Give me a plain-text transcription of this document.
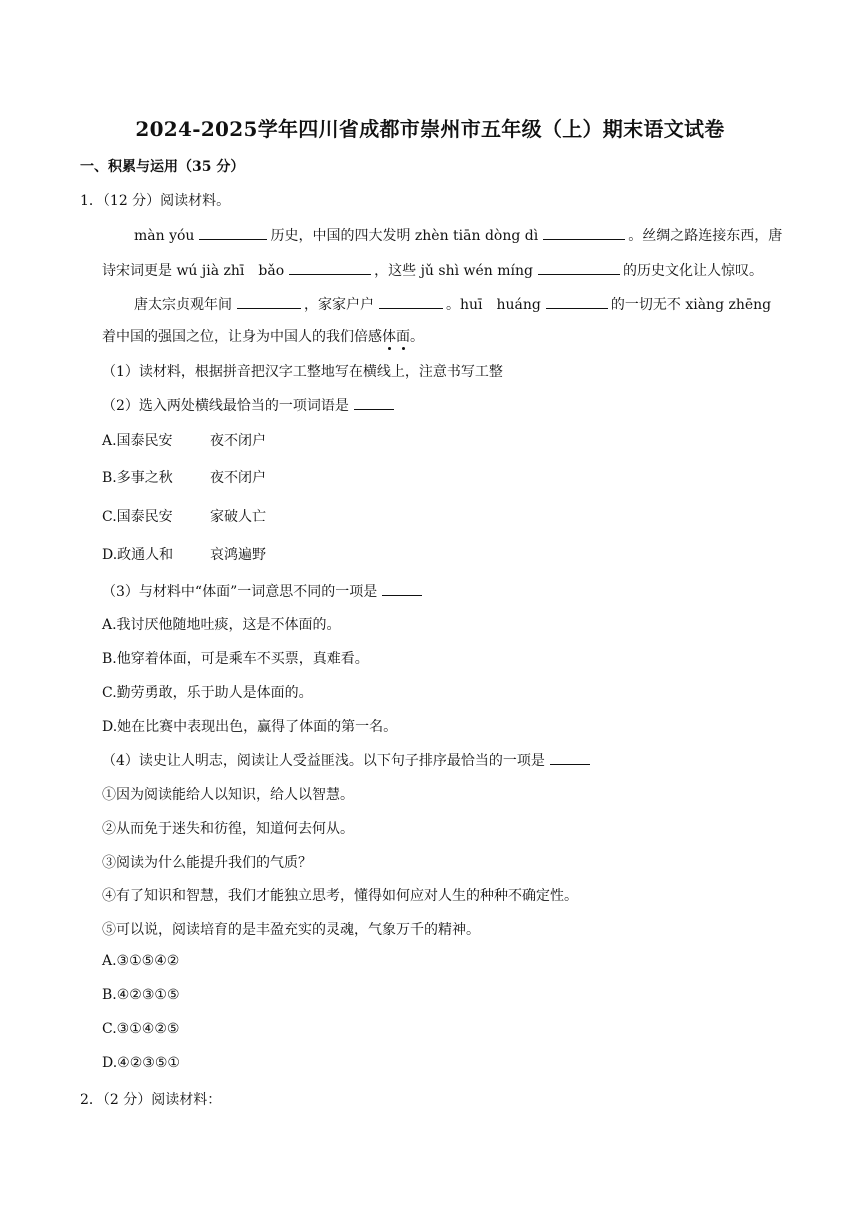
2024-2025学年四川省成都市崇州市五年级（上）期末语文试卷
一、积累与运用（35 分）
1．（12 分）阅读材料。
màn yóu	历史，中国的四大发明 zhèn tiān dòng dì	。丝绸之路连接东西，唐
诗宋词更是 wú jià zhī　bǎo	，这些 jǔ shì wén míng	的历史文化让人惊叹。
唐太宗贞观年间	，家家户户	。huī　huáng	的一切无不 xiàng zhēng
着中国的强国之位，让身为中国人的我们倍感体面。
（1）读材料，根据拼音把汉字工整地写在横线上，注意书写工整
（2）选入两处横线最恰当的一项词语是
A.国泰民安	夜不闭户
B.多事之秋	夜不闭户
C.国泰民安	家破人亡
D.政通人和	哀鸿遍野
（3）与材料中“体面”一词意思不同的一项是
A.我讨厌他随地吐痰，这是不体面的。
B.他穿着体面，可是乘车不买票，真难看。
C.勤劳勇敢，乐于助人是体面的。
D.她在比赛中表现出色，赢得了体面的第一名。
（4）读史让人明志，阅读让人受益匪浅。以下句子排序最恰当的一项是
①因为阅读能给人以知识，给人以智慧。
②从而免于迷失和彷徨，知道何去何从。
③阅读为什么能提升我们的气质？
④有了知识和智慧，我们才能独立思考，懂得如何应对人生的种种不确定性。
⑤可以说，阅读培育的是丰盈充实的灵魂，气象万千的精神。
A.③①⑤④②
B.④②③①⑤
C.③①④②⑤
D.④②③⑤①
2．（2 分）阅读材料：
